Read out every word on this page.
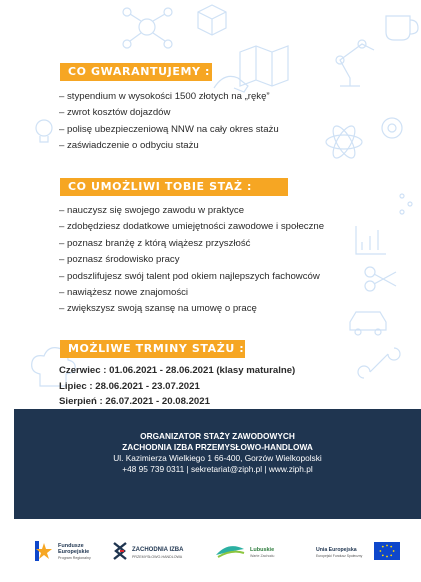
CO GWARANTUJEMY :
– stypendium w wysokości 1500 złotych na „rękę”
– zwrot kosztów dojazdów
– polisę ubezpieczeniową NNW na cały okres stażu
– zaświadczenie o odbyciu stażu
CO UMOŻLIWI TOBIE STAŻ :
– nauczysz się swojego zawodu w praktyce
– zdobędziesz dodatkowe umiejętności zawodowe i społeczne
– poznasz branżę z którą wiążesz przyszłość
– poznasz środowisko pracy
– podszlifujesz swój talent pod okiem najlepszych fachowców
– nawiążesz nowe znajomości
– zwiększysz swoją szansę na umowę o pracę
MOŻLIWE TRMINY STAŻU :
Czerwiec : 01.06.2021 - 28.06.2021 (klasy maturalne)
Lipiec : 28.06.2021 - 23.07.2021
Sierpień : 26.07.2021 - 20.08.2021
ORGANIZATOR STAŻY ZAWODOWYCH
ZACHODNIA IZBA PRZEMYSŁOWO-HANDLOWA
Ul. Kazimierza Wielkiego 1 66-400, Gorzów Wielkopolski
+48 95 739 0311 | sekretariat@ziph.pl | www.ziph.pl
Fundusze
Europejskie
Program Regionalny
ZACHODNIA IZBA
PRZEMYSŁOWO-HANDLOWA
Lubuskie
Warte Zachodu
Unia Europejska
Europejski Fundusz Społeczny
